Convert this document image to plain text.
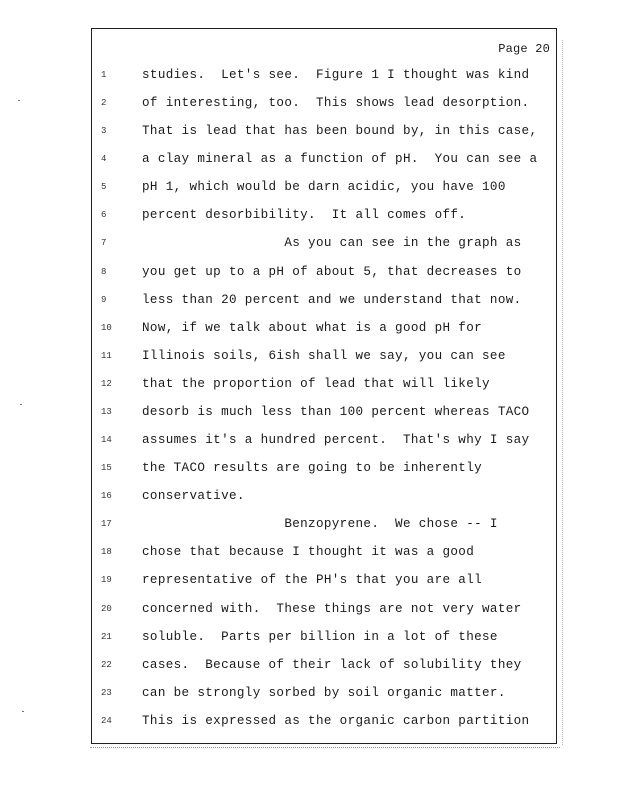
Page 20
1	studies.  Let's see.  Figure 1 I thought was kind
2	of interesting, too.  This shows lead desorption.
3	That is lead that has been bound by, in this case,
4	a clay mineral as a function of pH.  You can see a
5	pH 1, which would be darn acidic, you have 100
6	percent desorbibility.  It all comes off.
7	As you can see in the graph as
8	you get up to a pH of about 5, that decreases to
9	less than 20 percent and we understand that now.
10	Now, if we talk about what is a good pH for
11	Illinois soils, 6ish shall we say, you can see
12	that the proportion of lead that will likely
13	desorb is much less than 100 percent whereas TACO
14	assumes it's a hundred percent.  That's why I say
15	the TACO results are going to be inherently
16	conservative.
17	Benzopyrene.  We chose -- I
18	chose that because I thought it was a good
19	representative of the PH's that you are all
20	concerned with.  These things are not very water
21	soluble.  Parts per billion in a lot of these
22	cases.  Because of their lack of solubility they
23	can be strongly sorbed by soil organic matter.
24	This is expressed as the organic carbon partition
